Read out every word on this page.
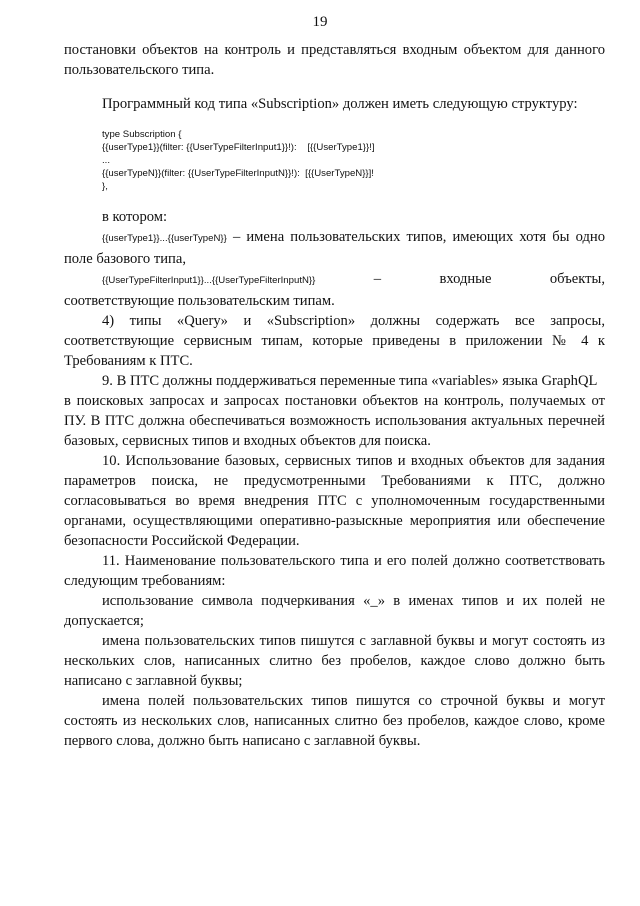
19

постановки объектов на контроль и представляться входным объектом для данного пользовательского типа.

Программный код типа «Subscription» должен иметь следующую структуру:

type Subscription {
{{userType1}}(filter: {{UserTypeFilterInput1}}!):    [{{UserType1}}!]
...
{{userTypeN}}(filter: {{UserTypeFilterInputN}}!):  [{{UserTypeN}}]!
},

в котором:

{{userType1}}...{{userTypeN}} – имена пользовательских типов, имеющих хотя бы одно поле базового типа,

{{UserTypeFilterInput1}}...{{UserTypeFilterInputN}}	–	входные	объекты,

соответствующие пользовательским типам.

4) типы «Query» и «Subscription» должны содержать все запросы, соответствующие сервисным типам, которые приведены в приложении № 4 к Требованиям к ПТС.

9. В ПТС должны поддерживаться переменные типа «variables» языка GraphQL

в поисковых запросах и запросах постановки объектов на контроль, получаемых от ПУ. В ПТС должна обеспечиваться возможность использования актуальных перечней базовых, сервисных типов и входных объектов для поиска.

10. Использование базовых, сервисных типов и входных объектов для задания параметров поиска, не предусмотренными Требованиями к ПТС, должно согласовываться во время внедрения ПТС с уполномоченным государственными органами, осуществляющими оперативно-разыскные мероприятия или обеспечение безопасности Российской Федерации.

11. Наименование пользовательского типа и его полей должно соответствовать следующим требованиям:

использование символа подчеркивания «_» в именах типов и их полей не допускается;

имена пользовательских типов пишутся с заглавной буквы и могут состоять из нескольких слов, написанных слитно без пробелов, каждое слово должно быть написано с заглавной буквы;

имена полей пользовательских типов пишутся со строчной буквы и могут состоять из нескольких слов, написанных слитно без пробелов, каждое слово, кроме первого слова, должно быть написано с заглавной буквы.
